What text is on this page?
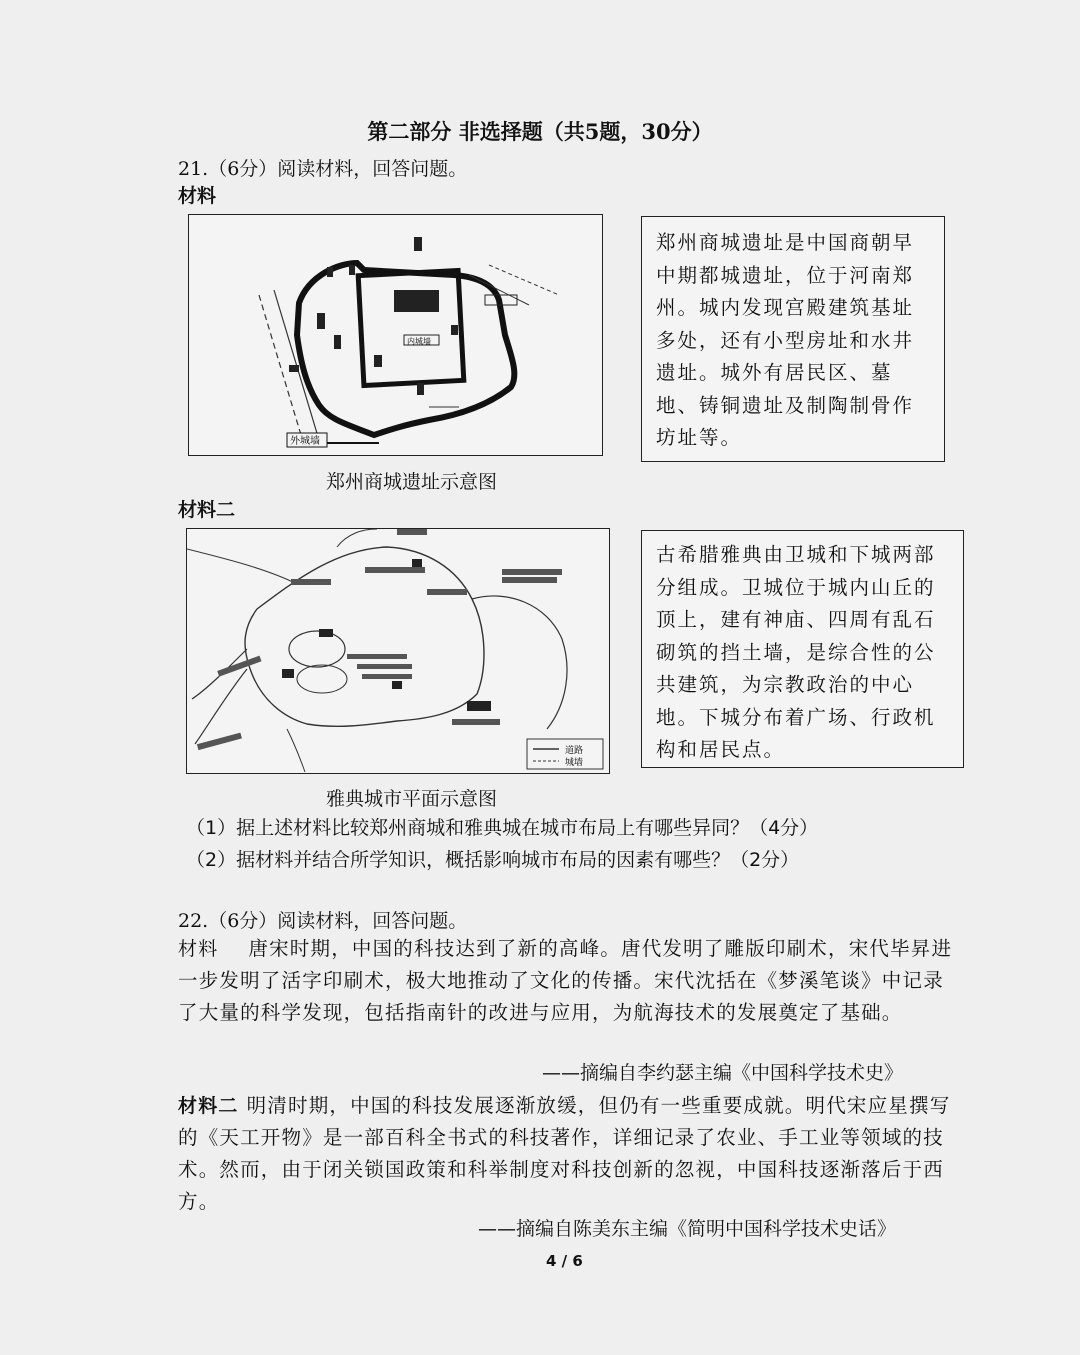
第二部分 非选择题（共5题，30分）
21.（6分）阅读材料，回答问题。
材料
外城墙
内城墙
郑州商城遗址示意图
郑州商城遗址是中国商朝早中期都城遗址，位于河南郑州。城内发现宫殿建筑基址多处，还有小型房址和水井遗址。城外有居民区、墓地、铸铜遗址及制陶制骨作坊址等。
材料二
道路
城墙
雅典城市平面示意图
古希腊雅典由卫城和下城两部分组成。卫城位于城内山丘的顶上，建有神庙、四周有乱石砌筑的挡土墙，是综合性的公共建筑，为宗教政治的中心地。下城分布着广场、行政机构和居民点。
（1）据上述材料比较郑州商城和雅典城在城市布局上有哪些异同？（4分）
（2）据材料并结合所学知识，概括影响城市布局的因素有哪些？（2分）
22.（6分）阅读材料，回答问题。
材料 唐宋时期，中国的科技达到了新的高峰。唐代发明了雕版印刷术，宋代毕昇进一步发明了活字印刷术，极大地推动了文化的传播。宋代沈括在《梦溪笔谈》中记录了大量的科学发现，包括指南针的改进与应用，为航海技术的发展奠定了基础。
——摘编自李约瑟主编《中国科学技术史》
材料二 明清时期，中国的科技发展逐渐放缓，但仍有一些重要成就。明代宋应星撰写的《天工开物》是一部百科全书式的科技著作，详细记录了农业、手工业等领域的技术。然而，由于闭关锁国政策和科举制度对科技创新的忽视，中国科技逐渐落后于西方。
——摘编自陈美东主编《简明中国科学技术史话》
4 / 6
